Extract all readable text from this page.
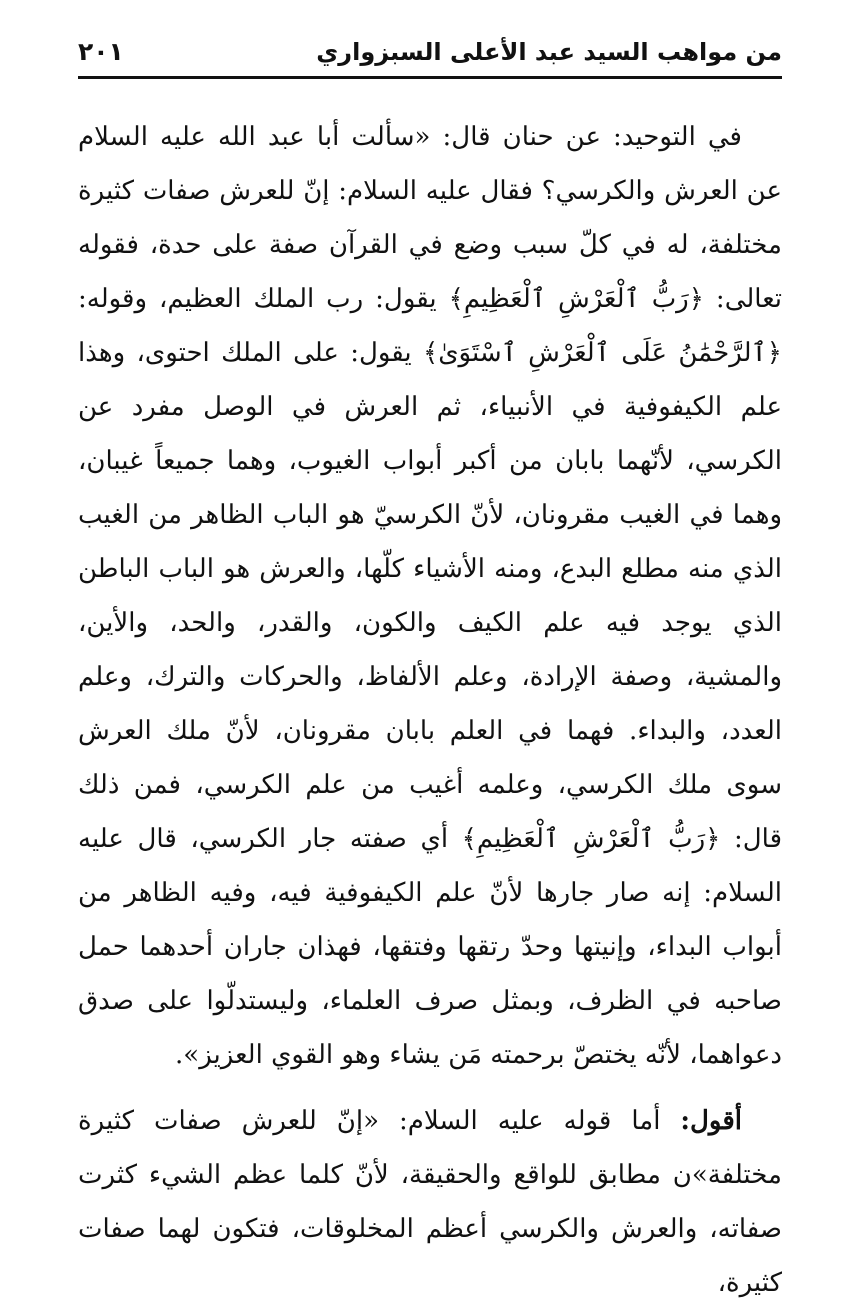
من مواهب السيد عبد الأعلى السبزواري
٢٠١

في التوحيد: عن حنان قال: «سألت أبا عبد الله عليه السلام عن العرش والكرسي؟ فقال عليه السلام: إنّ للعرش صفات كثيرة مختلفة، له في كلّ سبب وضع في القرآن صفة على حدة، فقوله تعالى: ﴿رَبُّ ٱلْعَرْشِ ٱلْعَظِيمِ﴾ يقول: رب الملك العظيم، وقوله: ﴿ٱلرَّحْمَٰنُ عَلَى ٱلْعَرْشِ ٱسْتَوَىٰ﴾ يقول: على الملك احتوى، وهذا علم الكيفوفية في الأنبياء، ثم العرش في الوصل مفرد عن الكرسي، لأنّهما بابان من أكبر أبواب الغيوب، وهما جميعاً غيبان، وهما في الغيب مقرونان، لأنّ الكرسيّ هو الباب الظاهر من الغيب الذي منه مطلع البدع، ومنه الأشياء كلّها، والعرش هو الباب الباطن الذي يوجد فيه علم الكيف والكون، والقدر، والحد، والأين، والمشية، وصفة الإرادة، وعلم الألفاظ، والحركات والترك، وعلم العدد، والبداء. فهما في العلم بابان مقرونان، لأنّ ملك العرش سوى ملك الكرسي، وعلمه أغيب من علم الكرسي، فمن ذلك قال: ﴿رَبُّ ٱلْعَرْشِ ٱلْعَظِيمِ﴾ أي صفته جار الكرسي، قال عليه السلام: إنه صار جارها لأنّ علم الكيفوفية فيه، وفيه الظاهر من أبواب البداء، وإنيتها وحدّ رتقها وفتقها، فهذان جاران أحدهما حمل صاحبه في الظرف، وبمثل صرف العلماء، وليستدلّوا على صدق دعواهما، لأنّه يختصّ برحمته مَن يشاء وهو القوي العزيز».

أقول: أما قوله عليه السلام: «إنّ للعرش صفات كثيرة مختلفة»ن مطابق للواقع والحقيقة، لأنّ كلما عظم الشيء كثرت صفاته، والعرش والكرسي أعظم المخلوقات، فتكون لهما صفات كثيرة،
